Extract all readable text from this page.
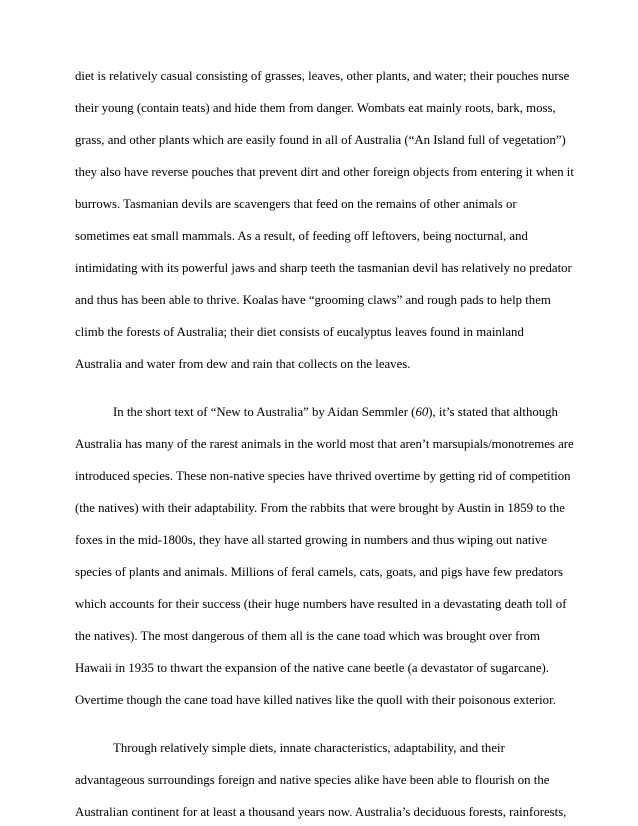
diet is relatively casual consisting of grasses, leaves, other plants, and water; their pouches nurse
their young (contain teats) and hide them from danger. Wombats eat mainly roots, bark, moss,
grass, and other plants which are easily found in all of Australia (“An Island full of vegetation”)
they also have reverse pouches that prevent dirt and other foreign objects from entering it when it
burrows. Tasmanian devils are scavengers that feed on the remains of other animals or
sometimes eat small mammals. As a result, of feeding off leftovers, being nocturnal, and
intimidating with its powerful jaws and sharp teeth the tasmanian devil has relatively no predator
and thus has been able to thrive. Koalas have “grooming claws” and rough pads to help them
climb the forests of Australia; their diet consists of eucalyptus leaves found in mainland
Australia and water from dew and rain that collects on the leaves.
In the short text of “New to Australia” by Aidan Semmler (60), it’s stated that although
Australia has many of the rarest animals in the world most that aren’t marsupials/monotremes are
introduced species. These non-native species have thrived overtime by getting rid of competition
(the natives) with their adaptability. From the rabbits that were brought by Austin in 1859 to the
foxes in the mid-1800s, they have all started growing in numbers and thus wiping out native
species of plants and animals. Millions of feral camels, cats, goats, and pigs have few predators
which accounts for their success (their huge numbers have resulted in a devastating death toll of
the natives). The most dangerous of them all is the cane toad which was brought over from
Hawaii in 1935 to thwart the expansion of the native cane beetle (a devastator of sugarcane).
Overtime though the cane toad have killed natives like the quoll with their poisonous exterior.
Through relatively simple diets, innate characteristics, adaptability, and their
advantageous surroundings foreign and native species alike have been able to flourish on the
Australian continent for at least a thousand years now. Australia’s deciduous forests, rainforests,
